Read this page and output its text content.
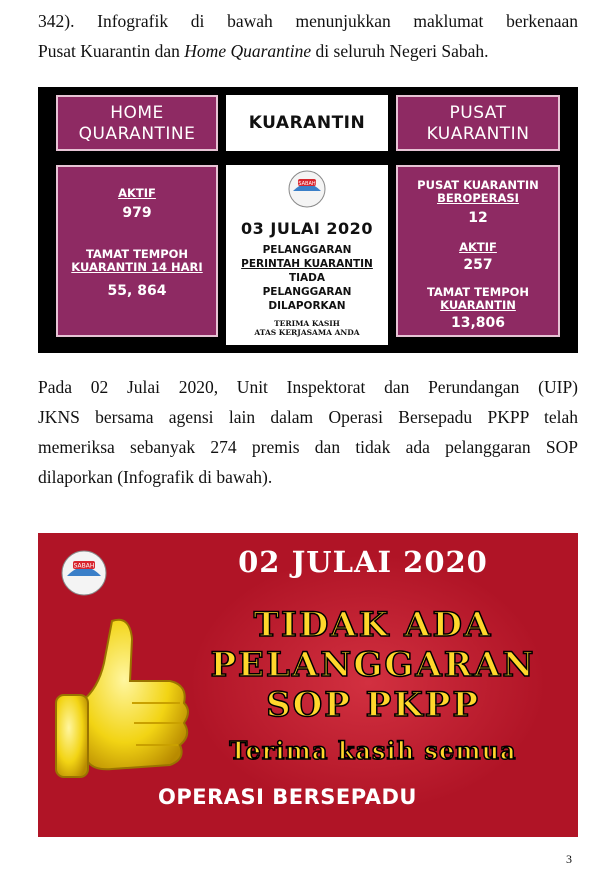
342). Infografik di bawah menunjukkan maklumat berkenaan
Pusat Kuarantin dan Home Quarantine di seluruh Negeri Sabah.
HOME QUARANTINE
KUARANTIN	PUSAT KUARANTIN
AKTIF
979
TAMAT TEMPOH
KUARANTIN 14 HARI
55, 864
SABAH
03 JULAI 2020
PELANGGARAN
PERINTAH KUARANTIN
TIADA
PELANGGARAN
DILAPORKAN
TERIMA KASIH
ATAS KERJASAMA ANDA
PUSAT KUARANTIN
BEROPERASI
12
AKTIF
257
TAMAT TEMPOH
KUARANTIN
13,806
Pada 02 Julai 2020, Unit Inspektorat dan Perundangan (UIP)
JKNS bersama agensi lain dalam Operasi Bersepadu PKPP telah
memeriksa sebanyak 274 premis dan tidak ada pelanggaran SOP
dilaporkan (Infografik di bawah).
SABAH	02 JULAI 2020
TIDAK ADA
PELANGGARAN
SOP PKPP
Terima kasih semua
OPERASI BERSEPADU
3
